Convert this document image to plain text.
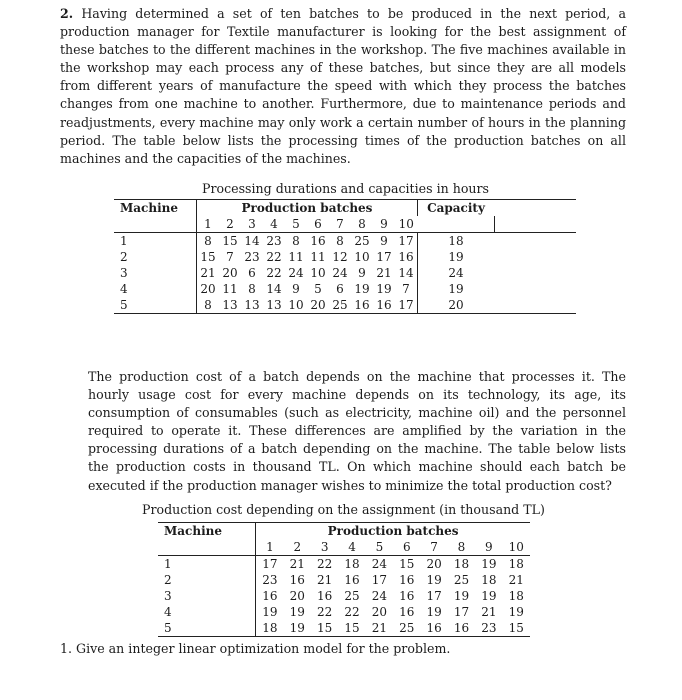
2. Having determined a set of ten batches to be produced in the next period, a production manager for Textile manufacturer is looking for the best assignment of these batches to the different machines in the workshop. The five machines available in the workshop may each process any of these batches, but since they are all models from different years of manufacture the speed with which they process the batches changes from one machine to another. Furthermore, due to maintenance periods and readjustments, every machine may only work a certain number of hours in the planning period. The table below lists the processing times of the production batches on all machines and the capacities of the machines.

Processing durations and capacities in hours
Machine	Production batches										Capacity	
	1	2	3	4	5	6	7	8	9	10		
1	8	15	14	23	8	16	8	25	9	17	18	
2	15	7	23	22	11	11	12	10	17	16	19	
3	21	20	6	22	24	10	24	9	21	14	24	
4	20	11	8	14	9	5	6	19	19	7	19	
5	8	13	13	13	10	20	25	16	16	17	20	

The production cost of a batch depends on the machine that processes it. The hourly usage cost for every machine depends on its technology, its age, its consumption of consumables (such as electricity, machine oil) and the personnel required to operate it. These differences are amplified by the variation in the processing durations of a batch depending on the machine. The table below lists the production costs in thousand TL. On which machine should each batch be executed if the production manager wishes to minimize the total production cost?

Production cost depending on the assignment (in thousand TL)
Machine	Production batches									
	1	2	3	4	5	6	7	8	9	10
1	17	21	22	18	24	15	20	18	19	18
2	23	16	21	16	17	16	19	25	18	21
3	16	20	16	25	24	16	17	19	19	18
4	19	19	22	22	20	16	19	17	21	19
5	18	19	15	15	21	25	16	16	23	15

1. Give an integer linear optimization model for the problem.
